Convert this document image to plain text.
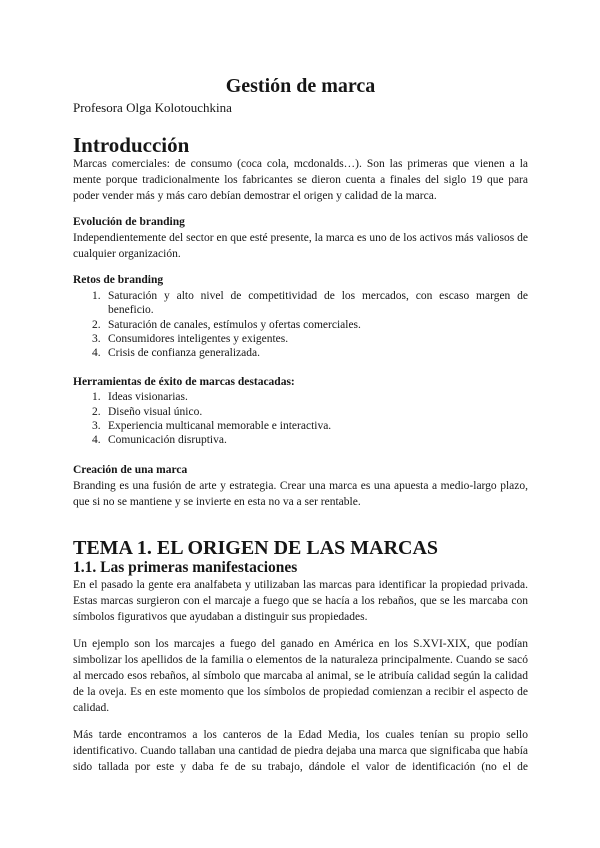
Gestión de marca
Profesora Olga Kolotouchkina
Introducción

Marcas comerciales: de consumo (coca cola, mcdonalds…). Son las primeras que vienen a la mente porque tradicionalmente los fabricantes se dieron cuenta a finales del siglo 19 que para poder vender más y más caro debían demostrar el origen y calidad de la marca.

Evolución de branding

Independientemente del sector en que esté presente, la marca es uno de los activos más valiosos de cualquier organización.

Retos de branding
1. Saturación y alto nivel de competitividad de los mercados, con escaso margen de beneficio.
2. Saturación de canales, estímulos y ofertas comerciales.
3. Consumidores inteligentes y exigentes.
4. Crisis de confianza generalizada.
Herramientas de éxito de marcas destacadas:
1. Ideas visionarias.
2. Diseño visual único.
3. Experiencia multicanal memorable e interactiva.
4. Comunicación disruptiva.
Creación de una marca

Branding es una fusión de arte y estrategia. Crear una marca es una apuesta a medio-largo plazo, que si no se mantiene y se invierte en esta no va a ser rentable.

TEMA 1. EL ORIGEN DE LAS MARCAS
1.1. Las primeras manifestaciones

En el pasado la gente era analfabeta y utilizaban las marcas para identificar la propiedad privada. Estas marcas surgieron con el marcaje a fuego que se hacía a los rebaños, que se les marcaba con símbolos figurativos que ayudaban a distinguir sus propiedades.

Un ejemplo son los marcajes a fuego del ganado en América en los S.XVI-XIX, que podían simbolizar los apellidos de la familia o elementos de la naturaleza principalmente. Cuando se sacó al mercado esos rebaños, al símbolo que marcaba al animal, se le atribuía calidad según la calidad de la oveja. Es en este momento que los símbolos de propiedad comienzan a recibir el aspecto de calidad.

Más tarde encontramos a los canteros de la Edad Media, los cuales tenían su propio sello identificativo. Cuando tallaban una cantidad de piedra dejaba una marca que significaba que había sido tallada por este y daba fe de su trabajo, dándole el valor de identificación (no el de
